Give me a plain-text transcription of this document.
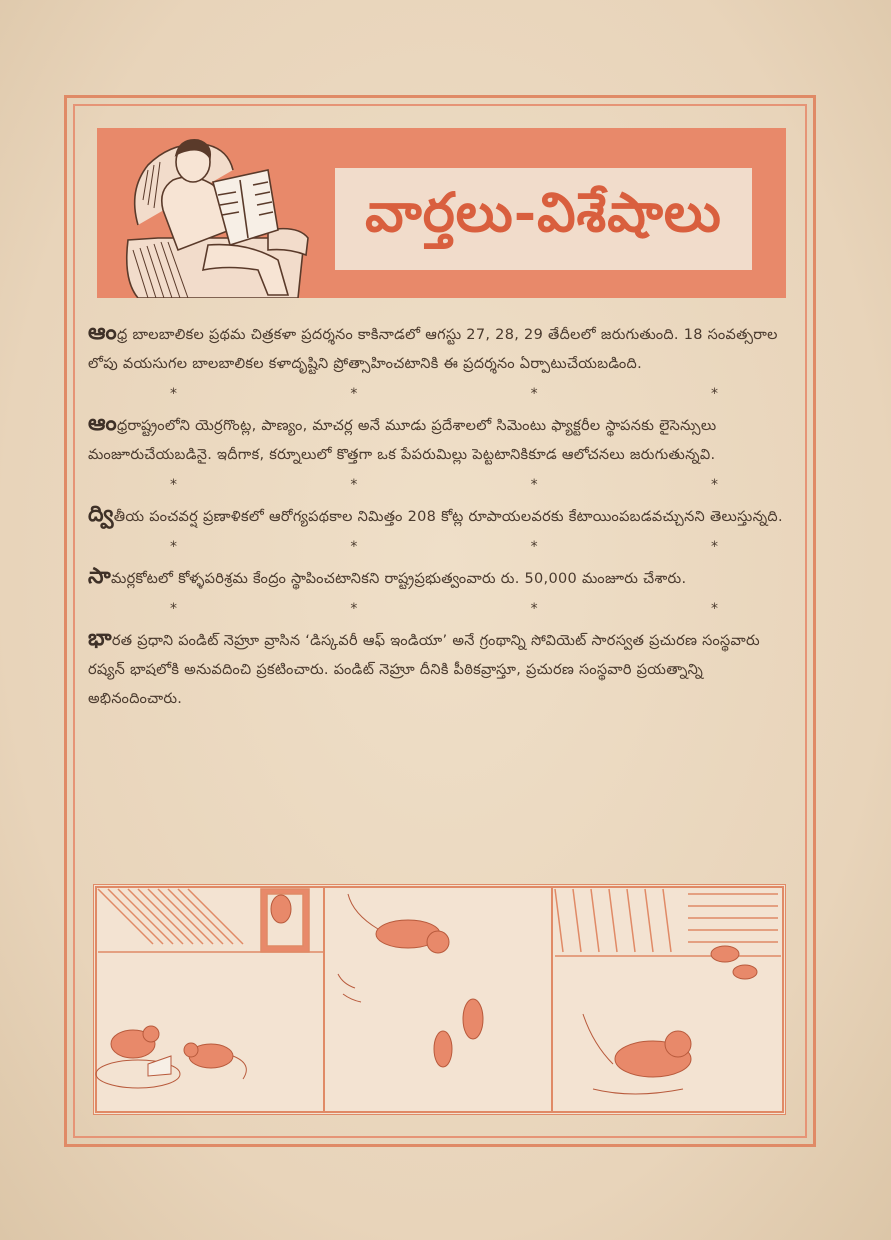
వార్తలు-విశేషాలు

ఆంధ్ర బాలబాలికల ప్రథమ చిత్రకళా ప్రదర్శనం కాకినాడలో ఆగస్టు 27, 28, 29 తేదీలలో జరుగుతుంది. 18 సంవత్సరాల లోపు వయసుగల బాలబాలికల కళాదృష్టిని ప్రోత్సాహించటానికి ఈ ప్రదర్శనం ఏర్పాటుచేయబడింది.

*	*	*	*

ఆంధ్రరాష్ట్రంలోని యెర్రగొంట్ల, పాణ్యం, మాచర్ల అనే మూడు ప్రదేశాలలో సిమెంటు ఫ్యాక్టరీల స్థాపనకు లైసెన్సులు మంజూరుచేయబడినై. ఇదీగాక, కర్నూలులో కొత్తగా ఒక పేపరుమిల్లు పెట్టటానికికూడ ఆలోచనలు జరుగుతున్నవి.

*	*	*	*

ద్వితీయ పంచవర్ష ప్రణాళికలో ఆరోగ్యపథకాల నిమిత్తం 208 కోట్ల రూపాయలవరకు కేటాయింపబడవచ్చునని తెలుస్తున్నది.

*	*	*	*

సామర్లకోటలో కోళ్ళపరిశ్రమ కేంద్రం స్థాపించటానికని రాష్ట్రప్రభుత్వంవారు రు. 50,000 మంజూరు చేశారు.

*	*	*	*

భారత ప్రధాని పండిట్ నెహ్రూ వ్రాసిన ‘డిస్కవరీ ఆఫ్ ఇండియా’ అనే గ్రంథాన్ని సోవియెట్ సారస్వత ప్రచురణ సంస్థవారు రష్యన్ భాషలోకి అనువదించి ప్రకటించారు. పండిట్ నెహ్రూ దీనికి పీఠికవ్రాస్తూ, ప్రచురణ సంస్థవారి ప్రయత్నాన్ని అభినందించారు.
